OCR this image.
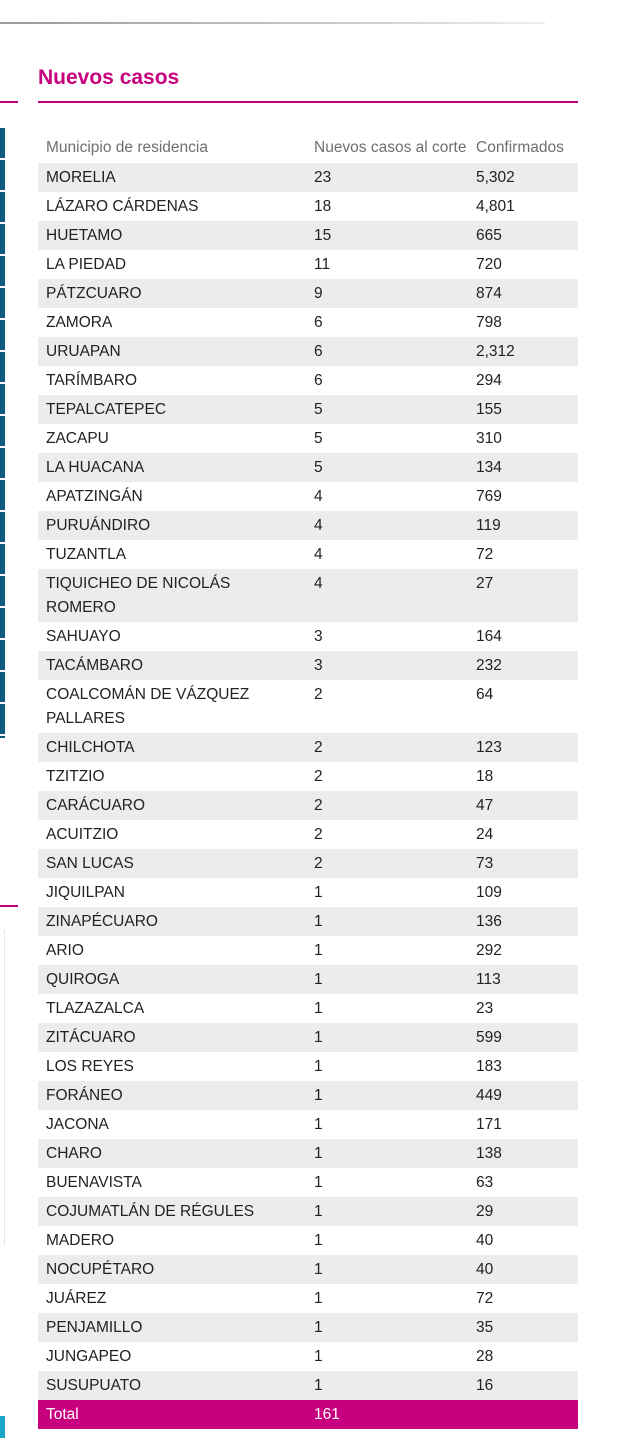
Nuevos casos
Municipio de residencia	Nuevos casos al corte	Confirmados
MORELIA	23	5,302
LÁZARO CÁRDENAS	18	4,801
HUETAMO	15	665
LA PIEDAD	11	720
PÁTZCUARO	9	874
ZAMORA	6	798
URUAPAN	6	2,312
TARÍMBARO	6	294
TEPALCATEPEC	5	155
ZACAPU	5	310
LA HUACANA	5	134
APATZINGÁN	4	769
PURUÁNDIRO	4	119
TUZANTLA	4	72
TIQUICHEO DE NICOLÁS ROMERO	4	27
SAHUAYO	3	164
TACÁMBARO	3	232
COALCOMÁN DE VÁZQUEZ PALLARES	2	64
CHILCHOTA	2	123
TZITZIO	2	18
CARÁCUARO	2	47
ACUITZIO	2	24
SAN LUCAS	2	73
JIQUILPAN	1	109
ZINAPÉCUARO	1	136
ARIO	1	292
QUIROGA	1	113
TLAZAZALCA	1	23
ZITÁCUARO	1	599
LOS REYES	1	183
FORÁNEO	1	449
JACONA	1	171
CHARO	1	138
BUENAVISTA	1	63
COJUMATLÁN DE RÉGULES	1	29
MADERO	1	40
NOCUPÉTARO	1	40
JUÁREZ	1	72
PENJAMILLO	1	35
JUNGAPEO	1	28
SUSUPUATO	1	16
Total	161	
